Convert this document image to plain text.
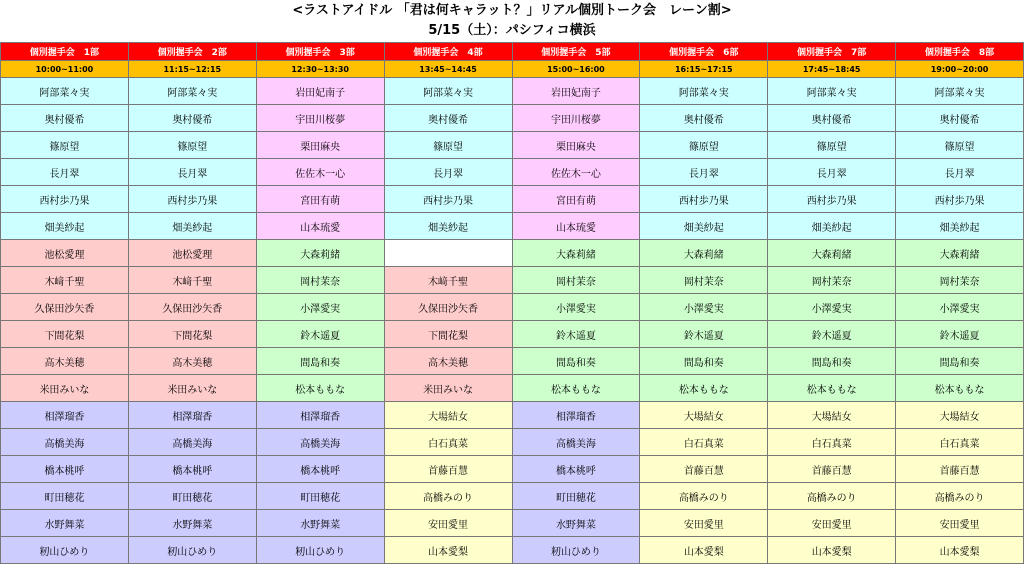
<ラストアイドル 「君は何キャラット？」リアル個別トーク会　レーン割>
5/15（土）：パシフィコ横浜
個別握手会　1部	個別握手会　2部	個別握手会　3部	個別握手会　4部	個別握手会　5部	個別握手会　6部	個別握手会　7部	個別握手会　8部
10:00~11:00	11:15~12:15	12:30~13:30	13:45~14:45	15:00~16:00	16:15~17:15	17:45~18:45	19:00~20:00
阿部菜々実	阿部菜々実	岩田妃南子	阿部菜々実	岩田妃南子	阿部菜々実	阿部菜々実	阿部菜々実
奥村優希	奥村優希	宇田川桜夢	奥村優希	宇田川桜夢	奥村優希	奥村優希	奥村優希
篠原望	篠原望	栗田麻央	篠原望	栗田麻央	篠原望	篠原望	篠原望
長月翠	長月翠	佐佐木一心	長月翠	佐佐木一心	長月翠	長月翠	長月翠
西村歩乃果	西村歩乃果	宮田有萌	西村歩乃果	宮田有萌	西村歩乃果	西村歩乃果	西村歩乃果
畑美紗起	畑美紗起	山本琉愛	畑美紗起	山本琉愛	畑美紗起	畑美紗起	畑美紗起
池松愛理	池松愛理	大森莉緒		大森莉緒	大森莉緒	大森莉緒	大森莉緒
木﨑千聖	木﨑千聖	岡村茉奈	木﨑千聖	岡村茉奈	岡村茉奈	岡村茉奈	岡村茉奈
久保田沙矢香	久保田沙矢香	小澤愛実	久保田沙矢香	小澤愛実	小澤愛実	小澤愛実	小澤愛実
下間花梨	下間花梨	鈴木遥夏	下間花梨	鈴木遥夏	鈴木遥夏	鈴木遥夏	鈴木遥夏
高木美穂	高木美穂	間島和奏	高木美穂	間島和奏	間島和奏	間島和奏	間島和奏
米田みいな	米田みいな	松本ももな	米田みいな	松本ももな	松本ももな	松本ももな	松本ももな
相澤瑠香	相澤瑠香	相澤瑠香	大場結女	相澤瑠香	大場結女	大場結女	大場結女
高橋美海	高橋美海	高橋美海	白石真菜	高橋美海	白石真菜	白石真菜	白石真菜
橋本桃呼	橋本桃呼	橋本桃呼	首藤百慧	橋本桃呼	首藤百慧	首藤百慧	首藤百慧
町田穂花	町田穂花	町田穂花	高橋みのり	町田穂花	高橋みのり	高橋みのり	高橋みのり
水野舞菜	水野舞菜	水野舞菜	安田愛里	水野舞菜	安田愛里	安田愛里	安田愛里
籾山ひめり	籾山ひめり	籾山ひめり	山本愛梨	籾山ひめり	山本愛梨	山本愛梨	山本愛梨
